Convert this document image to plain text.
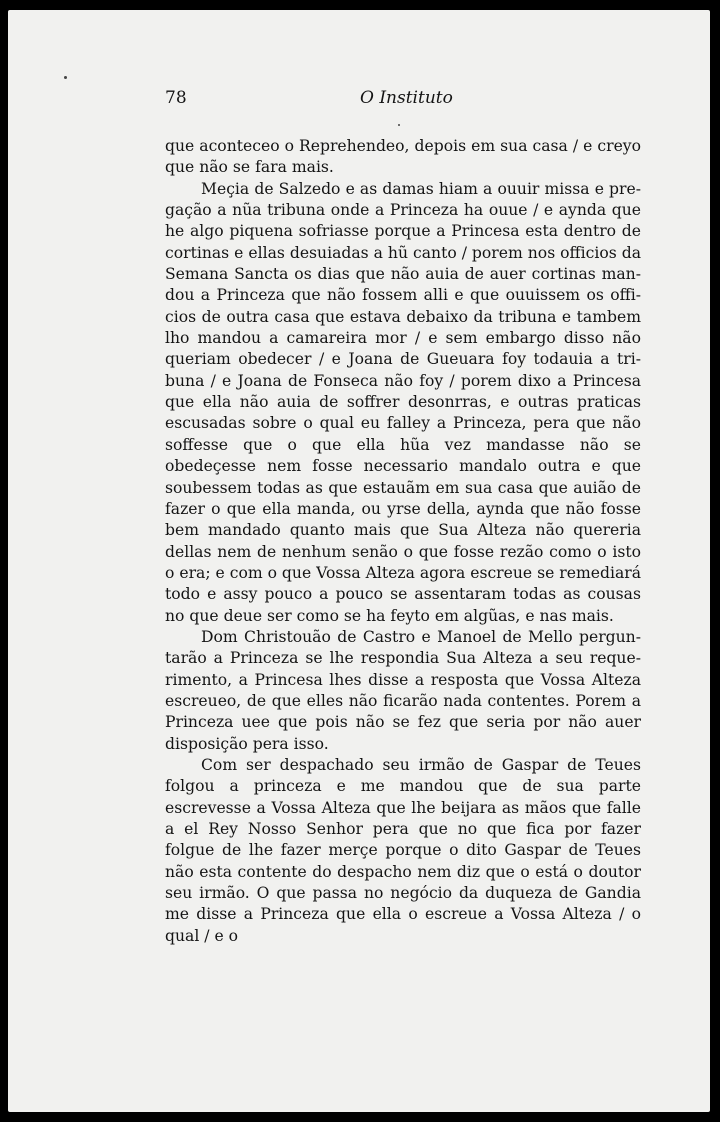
78	O Instituto

que aconteceo o Reprehendeo, depois em sua casa / e creyo que não se fara mais.

Meçia de Salzedo e as damas hiam a ouuir missa e pregação a nũa tribuna onde a Princeza ha ouue / e aynda que he algo piquena sofriasse porque a Princesa esta dentro de cortinas e ellas desuiadas a hũ canto / porem nos officios da Semana Sancta os dias que não auia de auer cortinas mandou a Princeza que não fossem alli e que ouuissem os officios de outra casa que estava debaixo da tribuna e tambem lho mandou a camareira mor / e sem embargo disso não queriam obedecer / e Joana de Gueuara foy todauia a tribuna / e Joana de Fonseca não foy / porem dixo a Princesa que ella não auia de soffrer desonrras, e outras praticas escusadas sobre o qual eu falley a Princeza, pera que não soffesse que o que ella hũa vez mandasse não se obedeçesse nem fosse necessario mandalo outra e que soubessem todas as que estauãm em sua casa que auião de fazer o que ella manda, ou yrse della, aynda que não fosse bem mandado quanto mais que Sua Alteza não quereria dellas nem de nenhum senão o que fosse rezão como o isto o era; e com o que Vossa Alteza agora escreue se remediará todo e assy pouco a pouco se assentaram todas as cousas no que deue ser como se ha feyto em algũas, e nas mais.

Dom Christouão de Castro e Manoel de Mello perguntarão a Princeza se lhe respondia Sua Alteza a seu requerimento, a Princesa lhes disse a resposta que Vossa Alteza escreueo, de que elles não ficarão nada contentes. Porem a Princeza uee que pois não se fez que seria por não auer disposição pera isso.

Com ser despachado seu irmão de Gaspar de Teues folgou a princeza e me mandou que de sua parte escrevesse a Vossa Alteza que lhe beijara as mãos que falle a el Rey Nosso Senhor pera que no que fica por fazer folgue de lhe fazer merçe porque o dito Gaspar de Teues não esta contente do despacho nem diz que o está o doutor seu irmão. O que passa no negócio da duqueza de Gandia me disse a Princeza que ella o escreue a Vossa Alteza / o qual / e o
